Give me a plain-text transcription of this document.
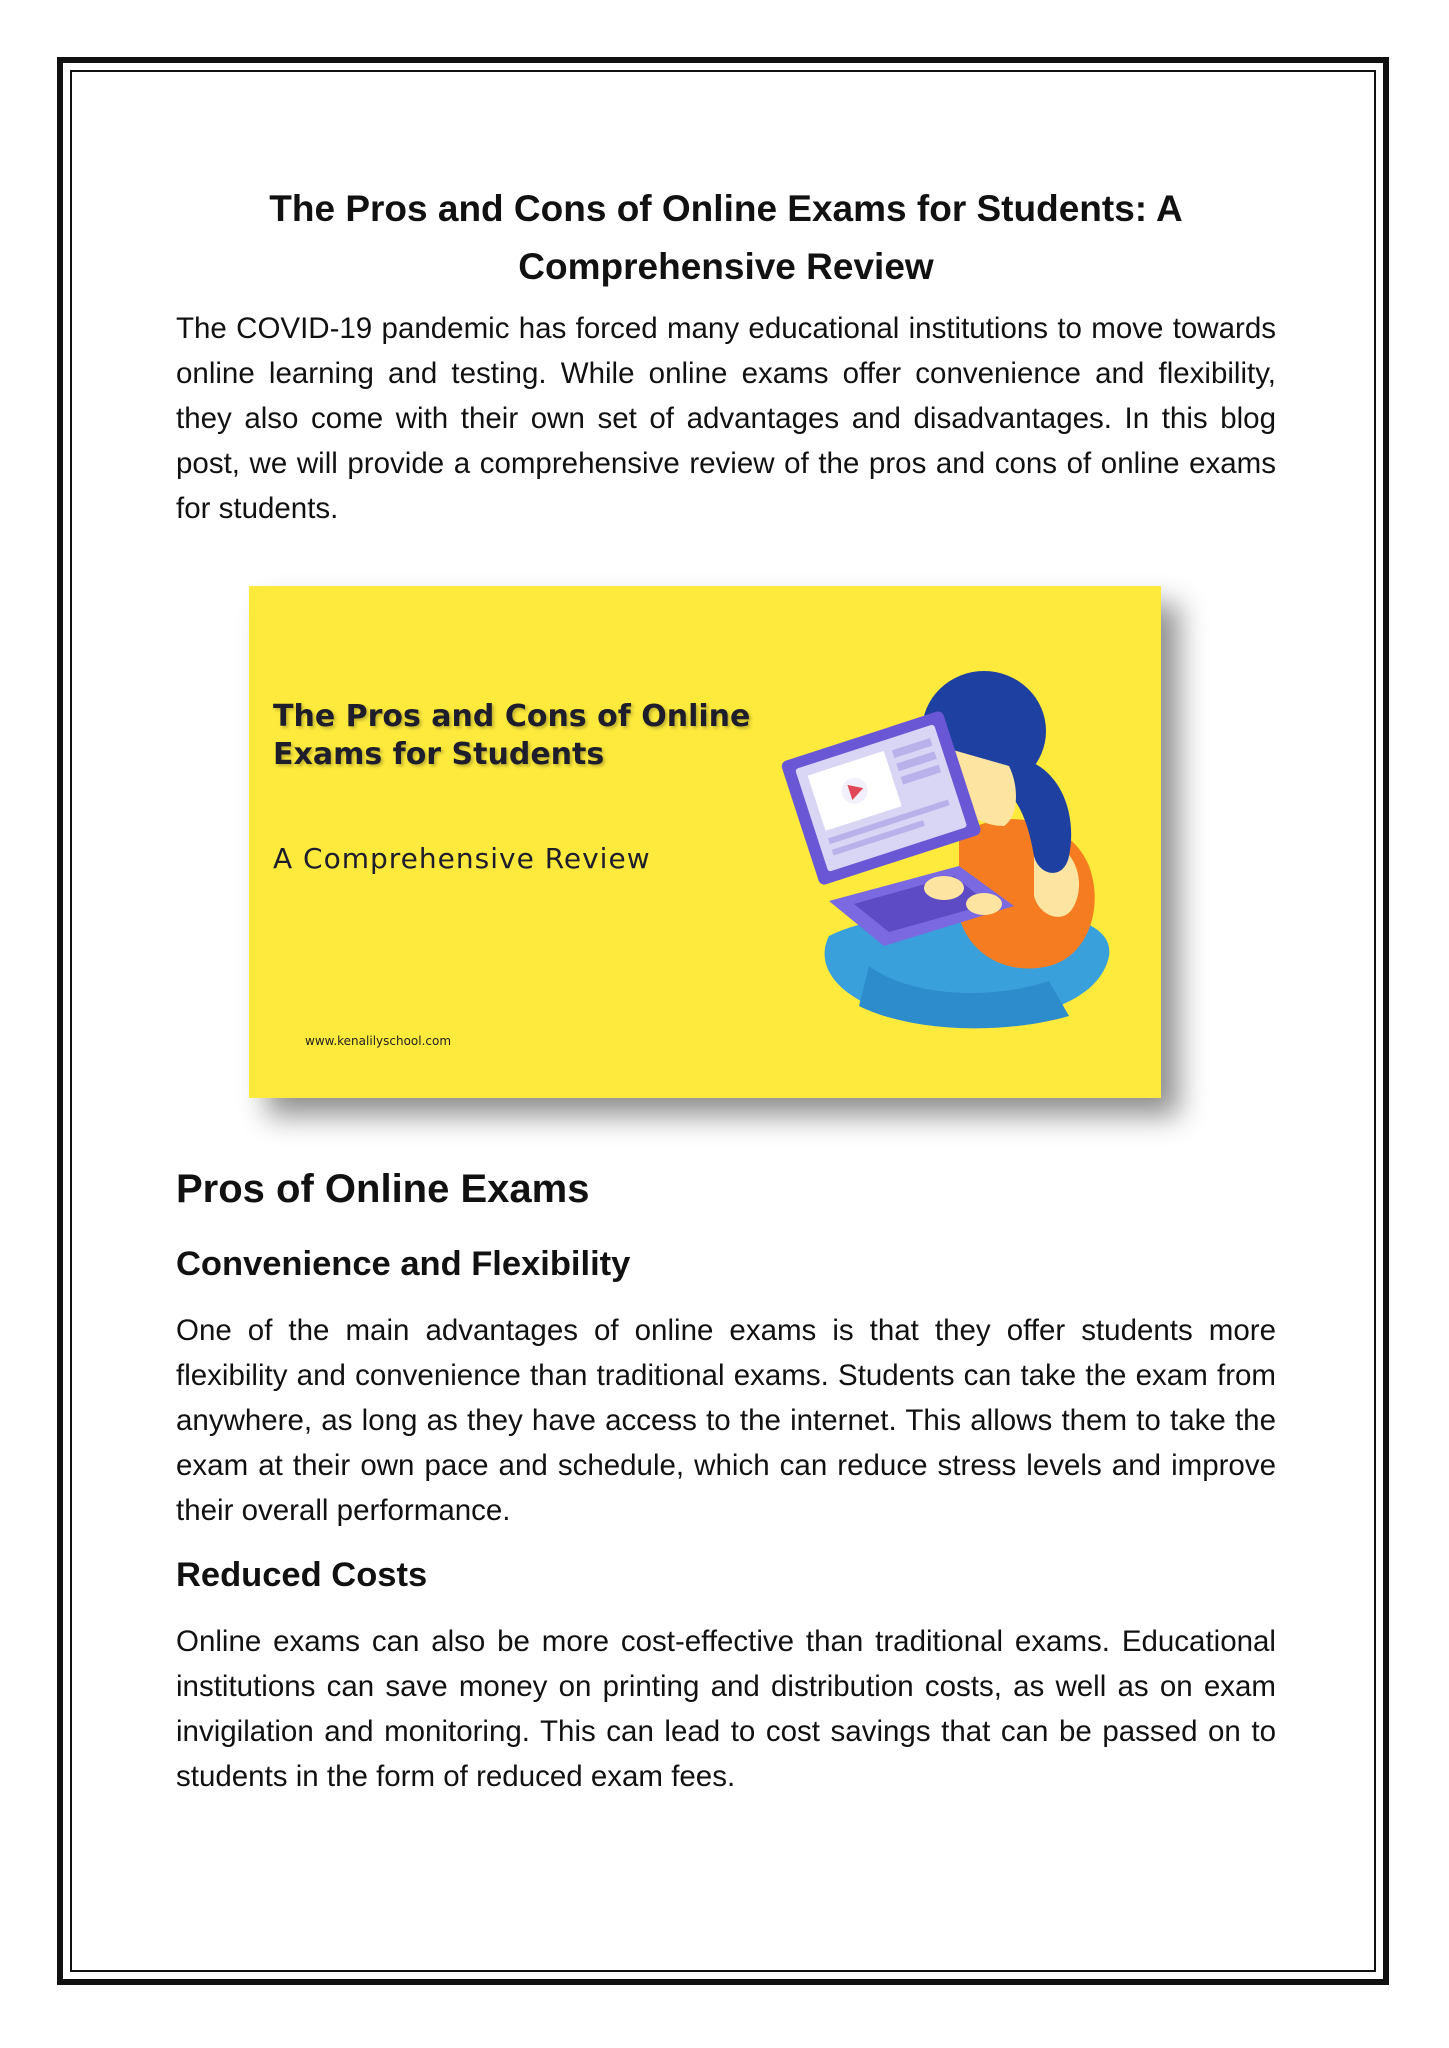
The Pros and Cons of Online Exams for Students: A
Comprehensive Review

The COVID-19 pandemic has forced many educational institutions to move towards online learning and testing. While online exams offer convenience and flexibility, they also come with their own set of advantages and disadvantages. In this blog post, we will provide a comprehensive review of the pros and cons of online exams for students.

The Pros and Cons of Online
Exams for Students
A Comprehensive Review
www.kenalilyschool.com
Pros of Online Exams
Convenience and Flexibility

One of the main advantages of online exams is that they offer students more flexibility and convenience than traditional exams. Students can take the exam from anywhere, as long as they have access to the internet. This allows them to take the exam at their own pace and schedule, which can reduce stress levels and improve their overall performance.

Reduced Costs

Online exams can also be more cost-effective than traditional exams. Educational institutions can save money on printing and distribution costs, as well as on exam invigilation and monitoring. This can lead to cost savings that can be passed on to students in the form of reduced exam fees.
